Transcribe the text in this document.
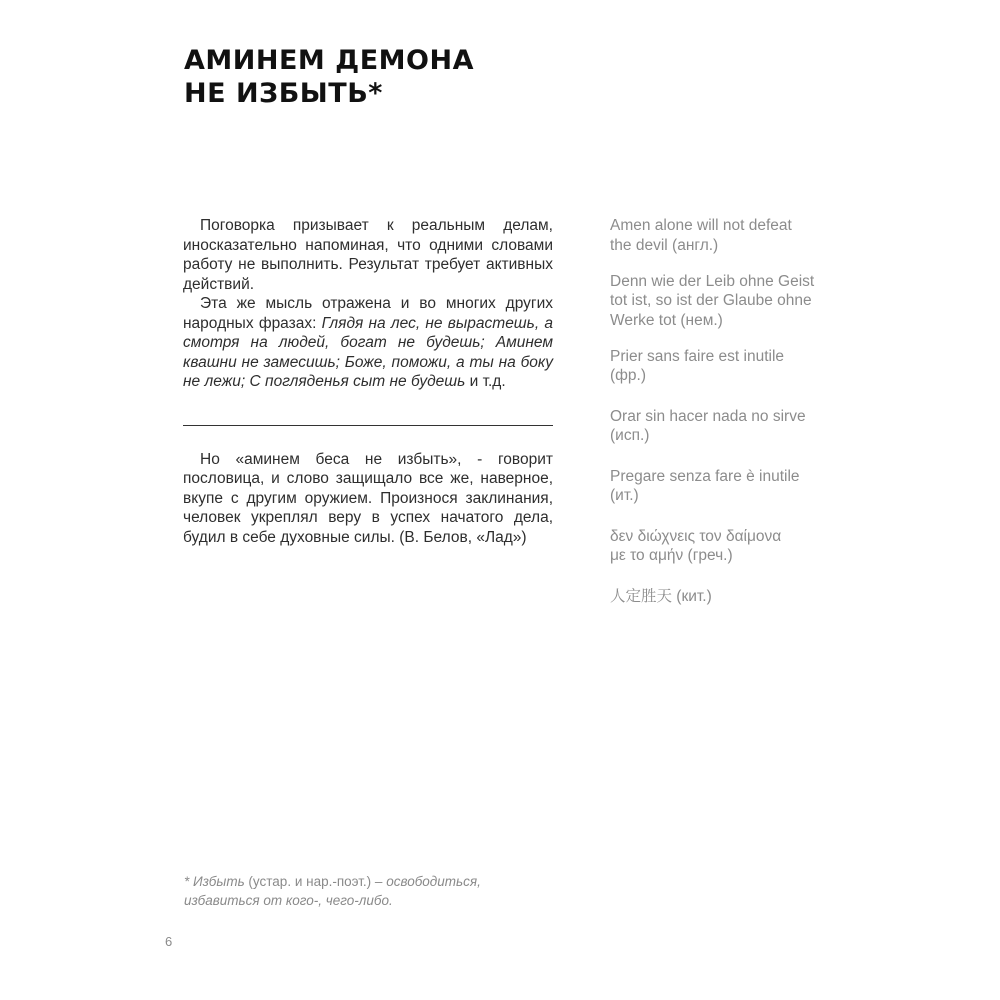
АМИНЕМ ДЕМОНА
НЕ ИЗБЫТЬ*

Поговорка призывает к реальным делам, иносказательно напоминая, что одними словами работу не выполнить. Результат требует активных действий.

Эта же мысль отражена и во многих других народных фразах: Глядя на лес, не вырастешь, а смотря на людей, богат не будешь; Аминем квашни не замесишь; Боже, поможи, а ты на боку не лежи; С погляденья сыт не будешь и т.д.

Но «аминем беса не избыть», - говорит пословица, и слово защищало все же, наверное, вкупе с другим оружием. Произнося заклинания, человек укреплял веру в успех начатого дела, будил в себе духовные силы. (В. Белов, «Лад»)

Amen alone will not defeat
the devil (англ.)
Denn wie der Leib ohne Geist
tot ist, so ist der Glaube ohne
Werke tot (нем.)
Prier sans faire est inutile
(фр.)
Orar sin hacer nada no sirve
(исп.)
Pregare senza fare è inutile
(ит.)
δεν διώχνεις τον δαίμονα
με το αμήν (греч.)
人定胜天 (кит.)
* Избыть (устар. и нар.-поэт.) – освободиться,
избавиться от кого-, чего-либо.
6
